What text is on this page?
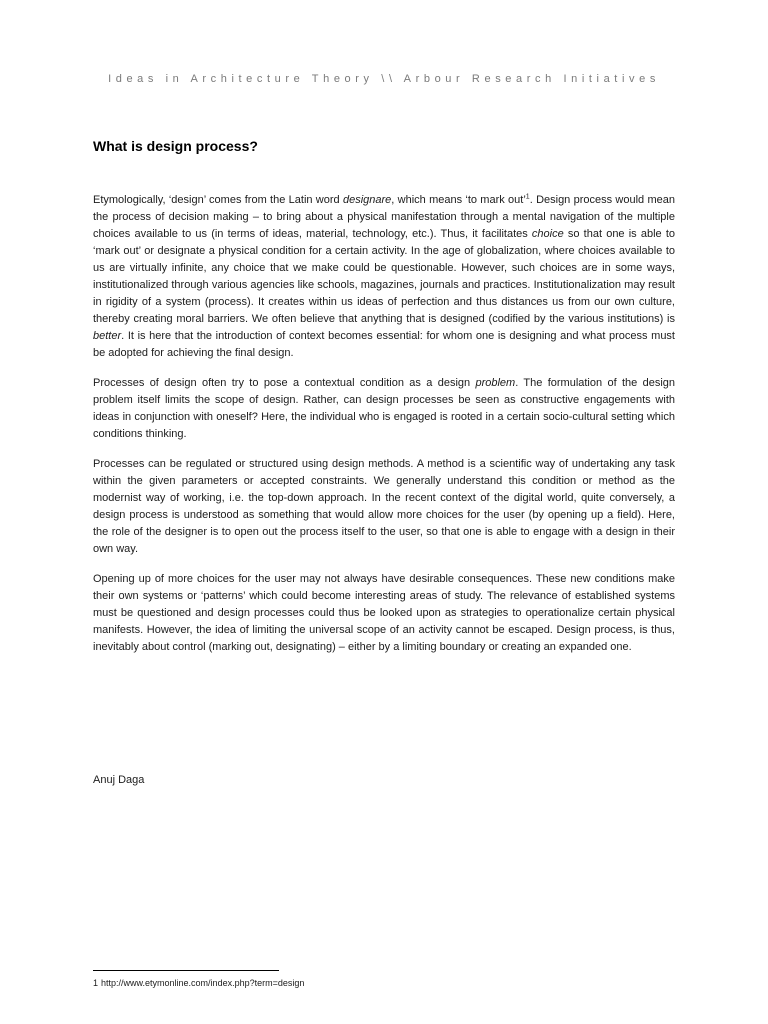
Ideas in Architecture Theory \\ Arbour Research Initiatives
What is design process?

Etymologically, ‘design’ comes from the Latin word designare, which means ‘to mark out’$^1$. Design process would mean the process of decision making – to bring about a physical manifestation through a mental navigation of the multiple choices available to us (in terms of ideas, material, technology, etc.). Thus, it facilitates choice so that one is able to ‘mark out’ or designate a physical condition for a certain activity. In the age of globalization, where choices available to us are virtually infinite, any choice that we make could be questionable. However, such choices are in some ways, institutionalized through various agencies like schools, magazines, journals and practices. Institutionalization may result in rigidity of a system (process). It creates within us ideas of perfection and thus distances us from our own culture, thereby creating moral barriers. We often believe that anything that is designed (codified by the various institutions) is better. It is here that the introduction of context becomes essential: for whom one is designing and what process must be adopted for achieving the final design.

Processes of design often try to pose a contextual condition as a design problem. The formulation of the design problem itself limits the scope of design. Rather, can design processes be seen as constructive engagements with ideas in conjunction with oneself? Here, the individual who is engaged is rooted in a certain socio-cultural setting which conditions thinking.

Processes can be regulated or structured using design methods. A method is a scientific way of undertaking any task within the given parameters or accepted constraints. We generally understand this condition or method as the modernist way of working, i.e. the top-down approach. In the recent context of the digital world, quite conversely, a design process is understood as something that would allow more choices for the user (by opening up a field). Here, the role of the designer is to open out the process itself to the user, so that one is able to engage with a design in their own way.

Opening up of more choices for the user may not always have desirable consequences. These new conditions make their own systems or ‘patterns’ which could become interesting areas of study. The relevance of established systems must be questioned and design processes could thus be looked upon as strategies to operationalize certain physical manifests. However, the idea of limiting the universal scope of an activity cannot be escaped. Design process, is thus, inevitably about control (marking out, designating) – either by a limiting boundary or creating an expanded one.

Anuj Daga
1 http://www.etymonline.com/index.php?term=design
